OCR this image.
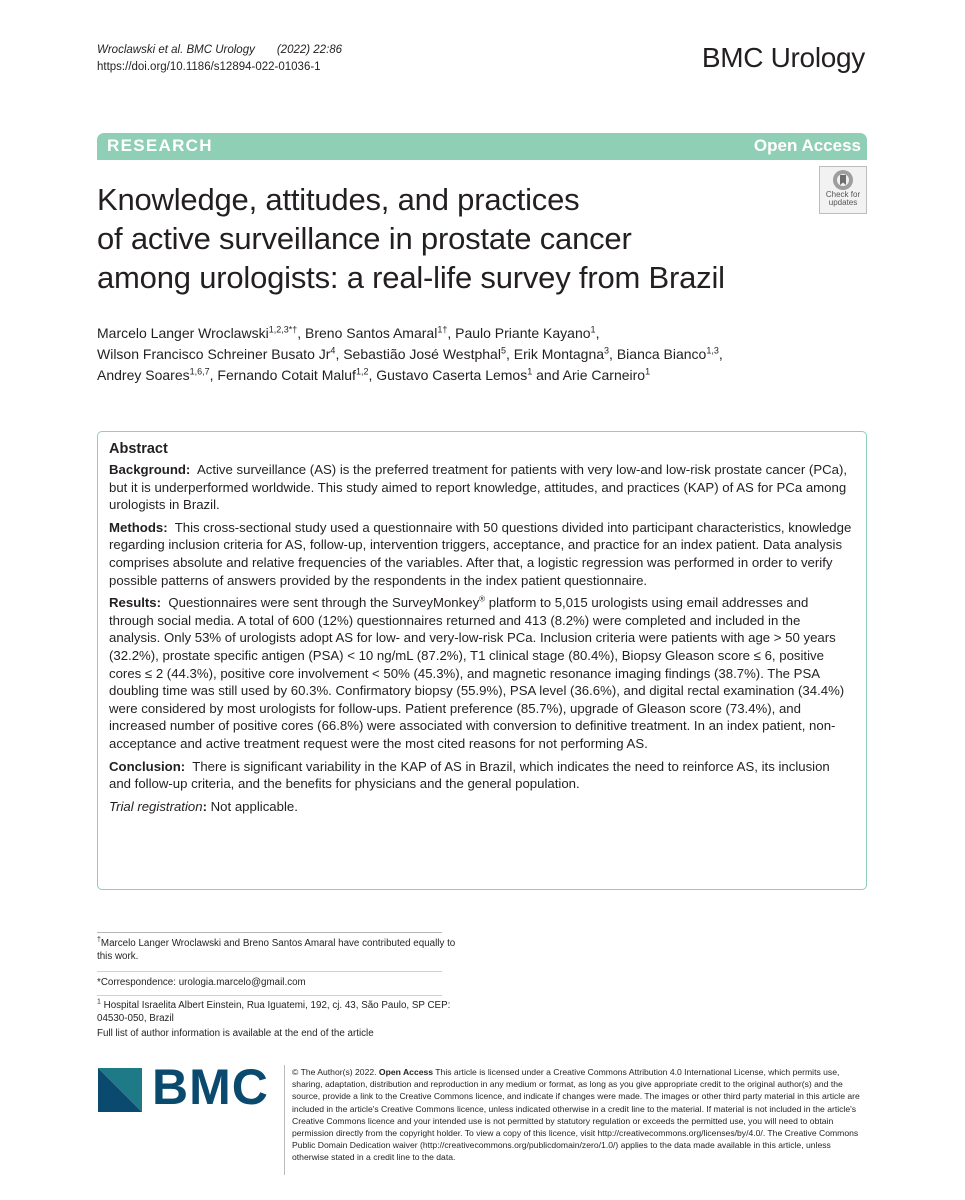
Wroclawski et al. BMC Urology (2022) 22:86
https://doi.org/10.1186/s12894-022-01036-1	BMC Urology
RESEARCH	Open Access
Check for
updates
Knowledge, attitudes, and practices
of active surveillance in prostate cancer
among urologists: a real-life survey from Brazil
Marcelo Langer Wroclawski$^{1,2,3*\dagger}$, Breno Santos Amaral$^{1\dagger}$, Paulo Priante Kayano$^1$,
Wilson Francisco Schreiner Busato Jr$^4$, Sebastião José Westphal$^5$, Erik Montagna$^3$, Bianca Bianco$^{1,3}$,
Andrey Soares$^{1,6,7}$, Fernando Cotait Maluf$^{1,2}$, Gustavo Caserta Lemos$^1$ and Arie Carneiro$^1$
Abstract

Background: Active surveillance (AS) is the preferred treatment for patients with very low-and low-risk prostate cancer (PCa), but it is underperformed worldwide. This study aimed to report knowledge, attitudes, and practices (KAP) of AS for PCa among urologists in Brazil.

Methods: This cross-sectional study used a questionnaire with 50 questions divided into participant characteristics, knowledge regarding inclusion criteria for AS, follow-up, intervention triggers, acceptance, and practice for an index patient. Data analysis comprises absolute and relative frequencies of the variables. After that, a logistic regression was performed in order to verify possible patterns of answers provided by the respondents in the index patient questionnaire.

Results: Questionnaires were sent through the SurveyMonkey® platform to 5,015 urologists using email addresses and through social media. A total of 600 (12%) questionnaires returned and 413 (8.2%) were completed and included in the analysis. Only 53% of urologists adopt AS for low- and very-low-risk PCa. Inclusion criteria were patients with age > 50 years (32.2%), prostate specific antigen (PSA) < 10 ng/mL (87.2%), T1 clinical stage (80.4%), Biopsy Gleason score ≤ 6, positive cores ≤ 2 (44.3%), positive core involvement < 50% (45.3%), and magnetic resonance imaging findings (38.7%). The PSA doubling time was still used by 60.3%. Confirmatory biopsy (55.9%), PSA level (36.6%), and digital rectal examination (34.4%) were considered by most urologists for follow-ups. Patient preference (85.7%), upgrade of Gleason score (73.4%), and increased number of positive cores (66.8%) were associated with conversion to definitive treatment. In an index patient, non-acceptance and active treatment request were the most cited reasons for not performing AS.

Conclusion: There is significant variability in the KAP of AS in Brazil, which indicates the need to reinforce AS, its inclusion and follow-up criteria, and the benefits for physicians and the general population.

Trial registration: Not applicable.

†Marcelo Langer Wroclawski and Breno Santos Amaral have contributed equally to this work.
*Correspondence: urologia.marcelo@gmail.com
$^1$ Hospital Israelita Albert Einstein, Rua Iguatemi, 192, cj. 43, São Paulo, SP CEP: 04530-050, Brazil
Full list of author information is available at the end of the article
BMC	© The Author(s) 2022. Open Access This article is licensed under a Creative Commons Attribution 4.0 International License, which permits use, sharing, adaptation, distribution and reproduction in any medium or format, as long as you give appropriate credit to the original author(s) and the source, provide a link to the Creative Commons licence, and indicate if changes were made. The images or other third party material in this article are included in the article's Creative Commons licence, unless indicated otherwise in a credit line to the material. If material is not included in the article's Creative Commons licence and your intended use is not permitted by statutory regulation or exceeds the permitted use, you will need to obtain permission directly from the copyright holder. To view a copy of this licence, visit http://creativecommons.org/licenses/by/4.0/. The Creative Commons Public Domain Dedication waiver (http://creativecommons.org/publicdomain/zero/1.0/) applies to the data made available in this article, unless otherwise stated in a credit line to the data.
